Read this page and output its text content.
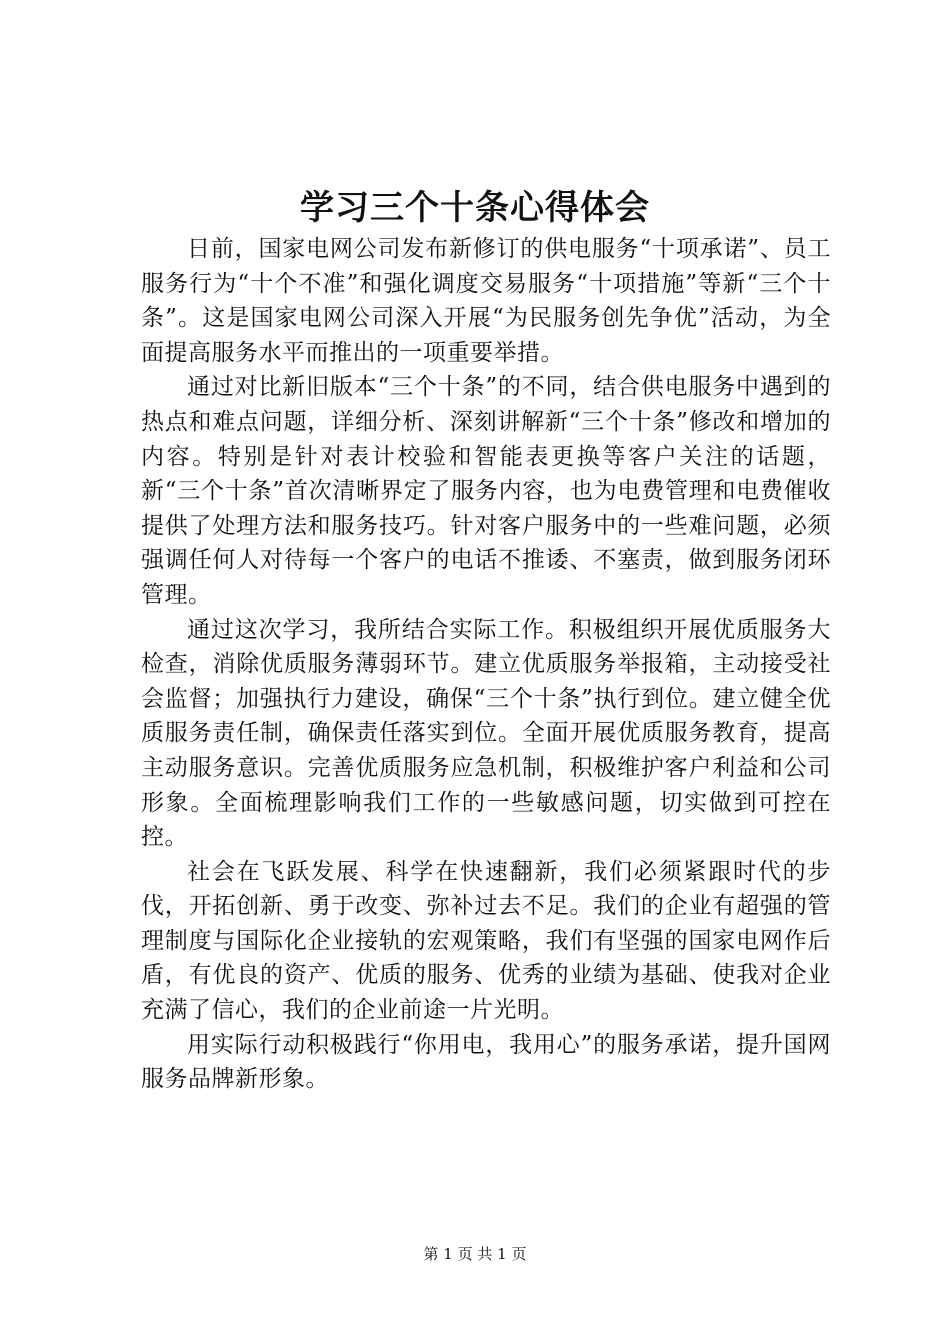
学习三个十条心得体会

日前，国家电网公司发布新修订的供电服务“十项承诺”、员工服务行为“十个不准”和强化调度交易服务“十项措施”等新“三个十条”。这是国家电网公司深入开展“为民服务创先争优”活动，为全面提高服务水平而推出的一项重要举措。

通过对比新旧版本“三个十条”的不同，结合供电服务中遇到的热点和难点问题，详细分析、深刻讲解新“三个十条”修改和增加的内容。特别是针对表计校验和智能表更换等客户关注的话题，新“三个十条”首次清晰界定了服务内容，也为电费管理和电费催收提供了处理方法和服务技巧。针对客户服务中的一些难问题，必须强调任何人对待每一个客户的电话不推诿、不塞责，做到服务闭环管理。

通过这次学习，我所结合实际工作。积极组织开展优质服务大检查，消除优质服务薄弱环节。建立优质服务举报箱，主动接受社会监督；加强执行力建设，确保“三个十条”执行到位。建立健全优质服务责任制，确保责任落实到位。全面开展优质服务教育，提高主动服务意识。完善优质服务应急机制，积极维护客户利益和公司形象。全面梳理影响我们工作的一些敏感问题，切实做到可控在控。

社会在飞跃发展、科学在快速翻新，我们必须紧跟时代的步伐，开拓创新、勇于改变、弥补过去不足。我们的企业有超强的管理制度与国际化企业接轨的宏观策略，我们有坚强的国家电网作后盾，有优良的资产、优质的服务、优秀的业绩为基础、使我对企业充满了信心，我们的企业前途一片光明。

用实际行动积极践行“你用电，我用心”的服务承诺，提升国网服务品牌新形象。

第 1 页 共 1 页
